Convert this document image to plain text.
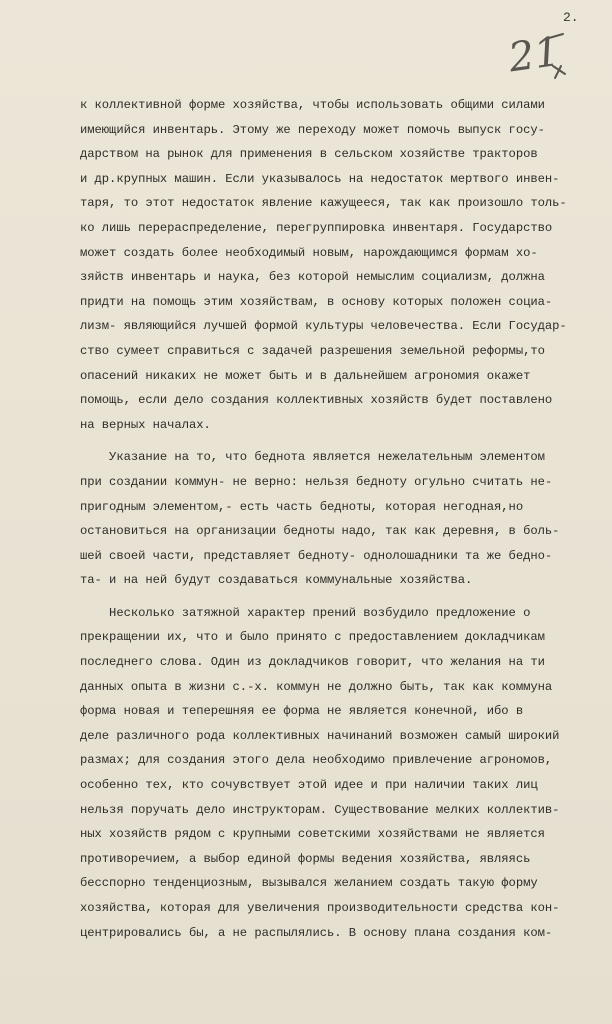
2.
21
к коллективной форме хозяйства, чтобы использовать общими силами
имеющийся инвентарь. Этому же переходу может помочь выпуск госу-
дарством на рынок для применения в сельском хозяйстве тракторов
и др.крупных машин. Если указывалось на недостаток мертвого инвен-
таря, то этот недостаток явление кажущееся, так как произошло толь-
ко лишь перераспределение, перегруппировка инвентаря. Государство
может создать более необходимый новым, нарождающимся формам хо-
зяйств инвентарь и наука, без которой немыслим социализм, должна
придти на помощь этим хозяйствам, в основу которых положен социа-
лизм- являющийся лучшей формой культуры человечества. Если Государ-
ство сумеет справиться с задачей разрешения земельной реформы,то
опасений никаких не может быть и в дальнейшем агрономия окажет
помощь, если дело создания коллективных хозяйств будет поставлено
на верных началах.
Указание на то, что беднота является нежелательным элементом
при создании коммун- не верно: нельзя бедноту огульно считать не-
пригодным элементом,- есть часть бедноты, которая негодная,но
остановиться на организации бедноты надо, так как деревня, в боль-
шей своей части, представляет бедноту- однолошадники та же бедно-
та- и на ней будут создаваться коммунальные хозяйства.
Несколько затяжной характер прений возбудило предложение о
прекращении их, что и было принято с предоставлением докладчикам
последнего слова. Один из докладчиков говорит, что желания на ти
данных опыта в жизни с.-х. коммун не должно быть, так как коммуна
форма новая и теперешняя ее форма не является конечной, ибо в
деле различного рода коллективных начинаний возможен самый широкий
размах; для создания этого дела необходимо привлечение агрономов,
особенно тех, кто сочувствует этой идее и при наличии таких лиц
нельзя поручать дело инструкторам. Существование мелких коллектив-
ных хозяйств рядом с крупными советскими хозяйствами не является
противоречием, а выбор единой формы ведения хозяйства, являясь
бесспорно тенденциозным, вызывался желанием создать такую форму
хозяйства, которая для увеличения производительности средства кон-
центрировались бы, а не распылялись. В основу плана создания ком-
